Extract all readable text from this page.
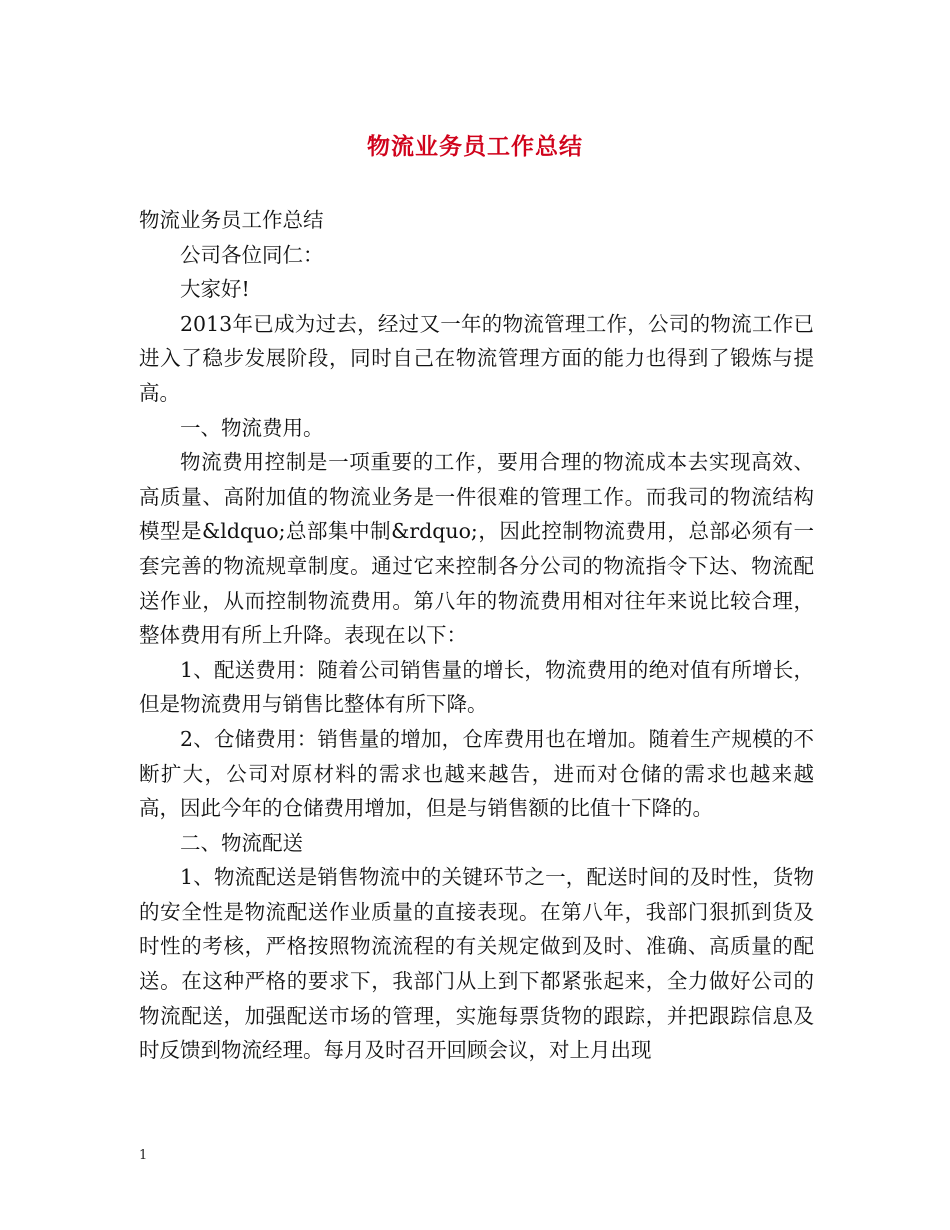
物流业务员工作总结

物流业务员工作总结

公司各位同仁：

大家好!

2013年已成为过去，经过又一年的物流管理工作，公司的物流工作已进入了稳步发展阶段，同时自己在物流管理方面的能力也得到了锻炼与提高。

一、物流费用。

物流费用控制是一项重要的工作，要用合理的物流成本去实现高效、高质量、高附加值的物流业务是一件很难的管理工作。而我司的物流结构模型是&ldquo;总部集中制&rdquo;，因此控制物流费用，总部必须有一套完善的物流规章制度。通过它来控制各分公司的物流指令下达、物流配送作业，从而控制物流费用。第八年的物流费用相对往年来说比较合理，整体费用有所上升降。表现在以下：

1、配送费用：随着公司销售量的增长，物流费用的绝对值有所增长，但是物流费用与销售比整体有所下降。

2、仓储费用：销售量的增加，仓库费用也在增加。随着生产规模的不断扩大，公司对原材料的需求也越来越告，进而对仓储的需求也越来越高，因此今年的仓储费用增加，但是与销售额的比值十下降的。

二、物流配送

1、物流配送是销售物流中的关键环节之一，配送时间的及时性，货物的安全性是物流配送作业质量的直接表现。在第八年，我部门狠抓到货及时性的考核，严格按照物流流程的有关规定做到及时、准确、高质量的配送。在这种严格的要求下，我部门从上到下都紧张起来，全力做好公司的物流配送，加强配送市场的管理，实施每票货物的跟踪，并把跟踪信息及时反馈到物流经理。每月及时召开回顾会议，对上月出现

1
